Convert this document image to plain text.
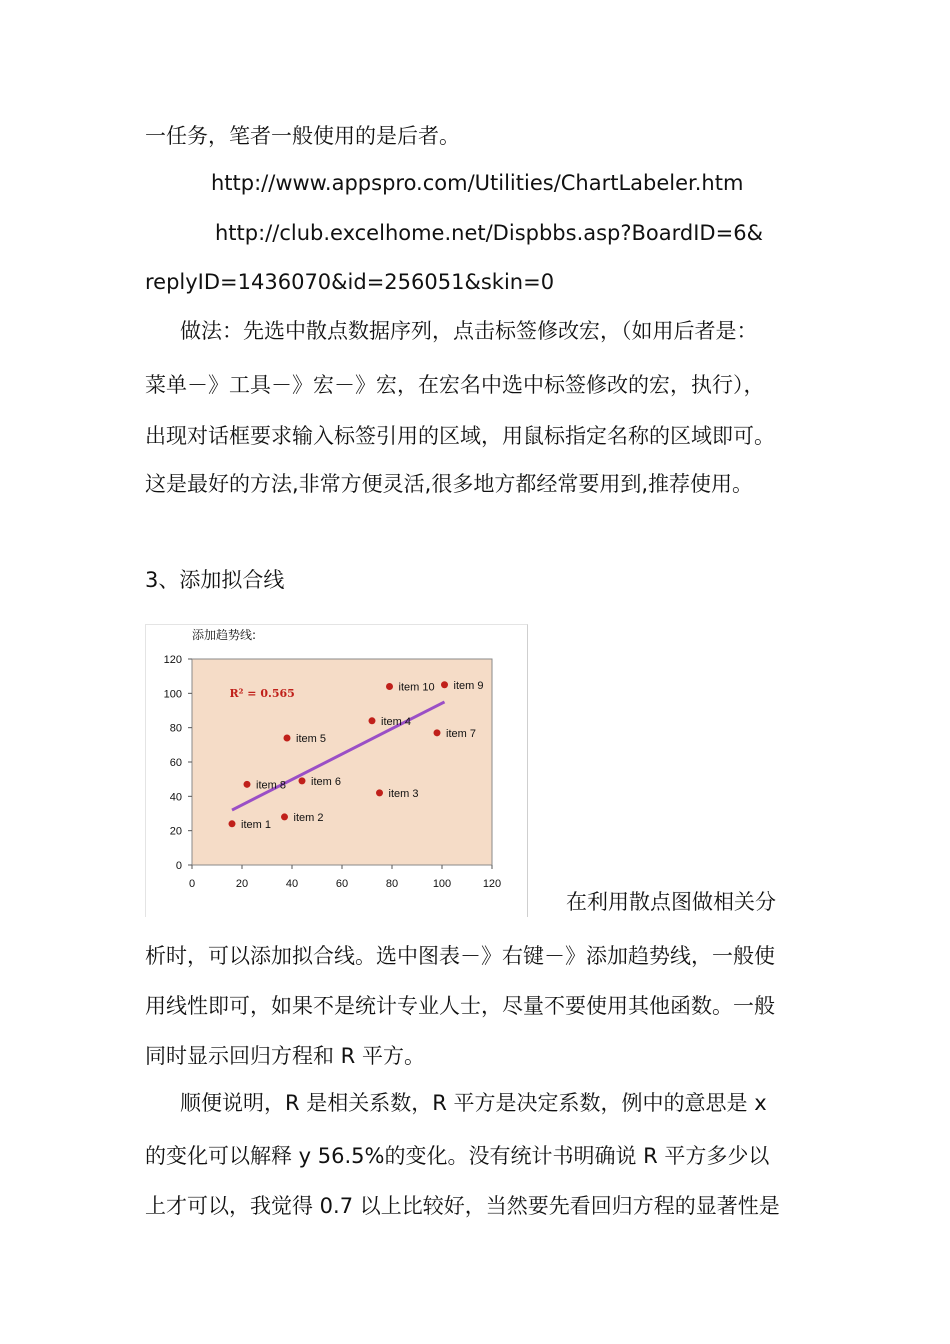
一任务，笔者一般使用的是后者。
http://www.appspro.com/Utilities/ChartLabeler.htm
http://club.excelhome.net/Dispbbs.asp?BoardID=6&
replyID=1436070&id=256051&skin=0
做法：先选中散点数据序列，点击标签修改宏，（如用后者是：
菜单－》工具－》宏－》宏，在宏名中选中标签修改的宏，执行），
出现对话框要求输入标签引用的区域，用鼠标指定名称的区域即可。
这是最好的方法,非常方便灵活,很多地方都经常要用到,推荐使用。
3、添加拟合线
添加趋势线:
0
20
40
60
80
100
120
0	20	40	60	80	100	120
R² = 0.565
item 1
item 2
item 3
item 4
item 5
item 6
item 7
item 8
item 9
item 10
在利用散点图做相关分
析时，可以添加拟合线。选中图表－》右键－》添加趋势线，一般使
用线性即可，如果不是统计专业人士，尽量不要使用其他函数。一般
同时显示回归方程和 R 平方。
顺便说明，R 是相关系数，R 平方是决定系数，例中的意思是 x
的变化可以解释 y 56.5%的变化。没有统计书明确说 R 平方多少以
上才可以，我觉得 0.7 以上比较好，当然要先看回归方程的显著性是
